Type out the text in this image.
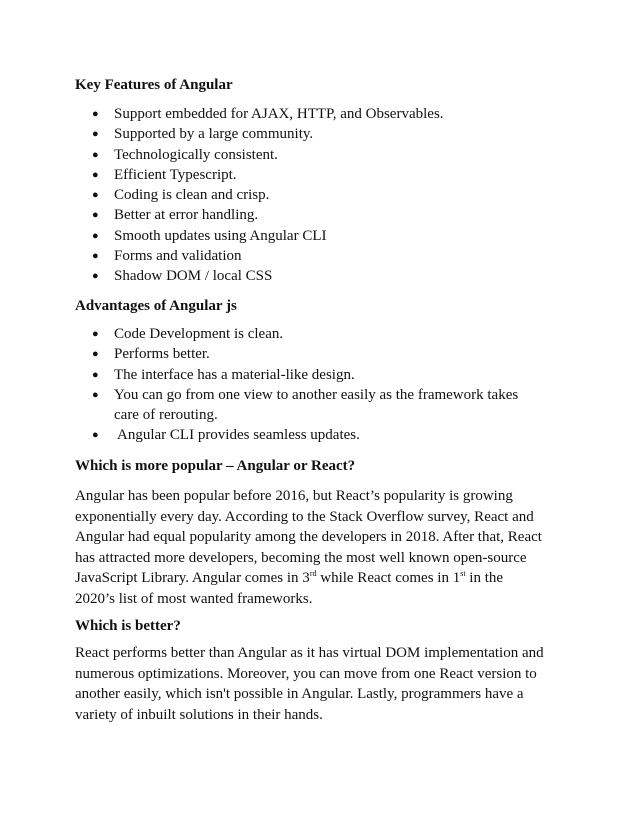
Key Features of Angular
● Support embedded for AJAX, HTTP, and Observables.
● Supported by a large community.
● Technologically consistent.
● Efficient Typescript.
● Coding is clean and crisp.
● Better at error handling.
● Smooth updates using Angular CLI
● Forms and validation
● Shadow DOM / local CSS
Advantages of Angular js
● Code Development is clean.
● Performs better.
● The interface has a material-like design.
● You can go from one view to another easily as the framework takes care of rerouting.
● Angular CLI provides seamless updates.
Which is more popular – Angular or React?

Angular has been popular before 2016, but React’s popularity is growing exponentially every day. According to the Stack Overflow survey, React and Angular had equal popularity among the developers in 2018. After that, React has attracted more developers, becoming the most well known open-source JavaScript Library. Angular comes in 3rd while React comes in 1st in the 2020’s list of most wanted frameworks.

Which is better?

React performs better than Angular as it has virtual DOM implementation and numerous optimizations. Moreover, you can move from one React version to another easily, which isn't possible in Angular. Lastly, programmers have a variety of inbuilt solutions in their hands.
